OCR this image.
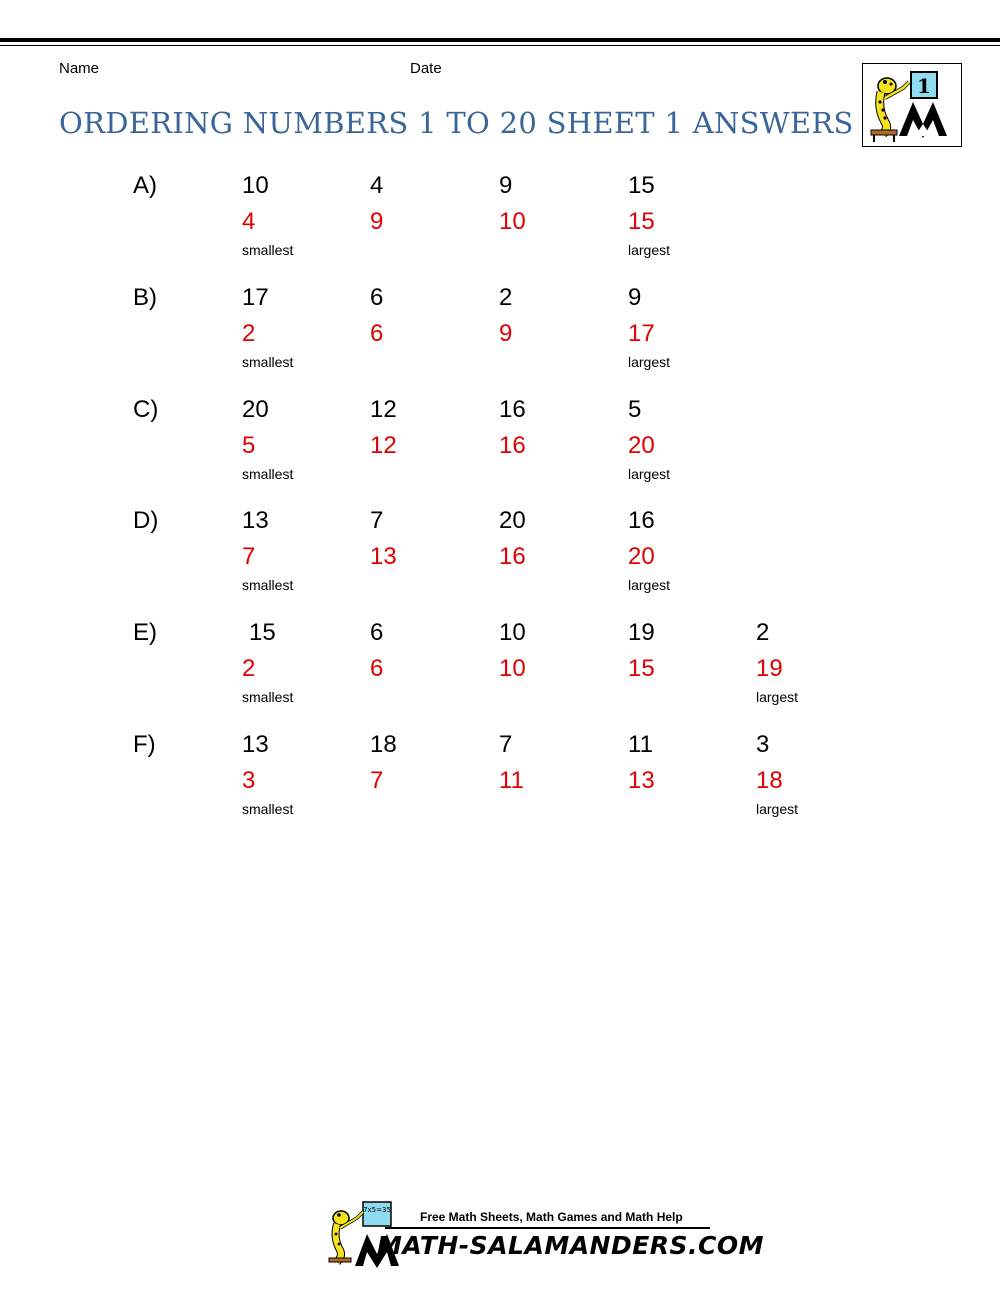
Name	Date
ORDERING NUMBERS 1 TO 20 SHEET 1 ANSWERS
1
A)	10	4	9	15
4	9	10	15
smallest	largest
B)	17	6	2	9
2	6	9	17
smallest	largest
C)	20	12	16	5
5	12	16	20
smallest	largest
D)	13	7	20	16
7	13	16	20
smallest	largest
E)	15	6	10	19	2
2	6	10	15	19
smallest	largest
F)	13	18	7	11	3
3	7	11	13	18
smallest	largest
7x5=35 Free Math Sheets, Math Games and Math Help
MATH-SALAMANDERS.COM
